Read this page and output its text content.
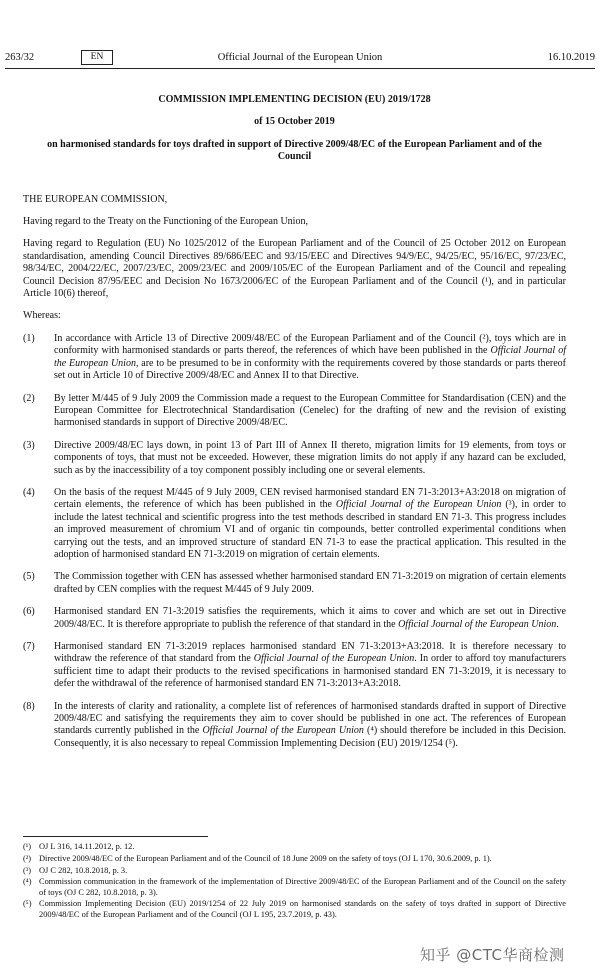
263/32	EN	Official Journal of the European Union	16.10.2019
COMMISSION IMPLEMENTING DECISION (EU) 2019/1728
of 15 October 2019
on harmonised standards for toys drafted in support of Directive 2009/48/EC of the European Parliament and of the Council
THE EUROPEAN COMMISSION,
Having regard to the Treaty on the Functioning of the European Union,
Having regard to Regulation (EU) No 1025/2012 of the European Parliament and of the Council of 25 October 2012 on European standardisation, amending Council Directives 89/686/EEC and 93/15/EEC and Directives 94/9/EC, 94/25/EC, 95/16/EC, 97/23/EC, 98/34/EC, 2004/22/EC, 2007/23/EC, 2009/23/EC and 2009/105/EC of the European Parliament and of the Council and repealing Council Decision 87/95/EEC and Decision No 1673/2006/EC of the European Parliament and of the Council (¹), and in particular Article 10(6) thereof,
Whereas:
(1)	In accordance with Article 13 of Directive 2009/48/EC of the European Parliament and of the Council (²), toys which are in conformity with harmonised standards or parts thereof, the references of which have been published in the Official Journal of the European Union, are to be presumed to be in conformity with the requirements covered by those standards or parts thereof set out in Article 10 of Directive 2009/48/EC and Annex II to that Directive.
(2)	By letter M/445 of 9 July 2009 the Commission made a request to the European Committee for Standardisation (CEN) and the European Committee for Electrotechnical Standardisation (Cenelec) for the drafting of new and the revision of existing harmonised standards in support of Directive 2009/48/EC.
(3)	Directive 2009/48/EC lays down, in point 13 of Part III of Annex II thereto, migration limits for 19 elements, from toys or components of toys, that must not be exceeded. However, these migration limits do not apply if any hazard can be excluded, such as by the inaccessibility of a toy component possibly including one or several elements.
(4)	On the basis of the request M/445 of 9 July 2009, CEN revised harmonised standard EN 71-3:2013+A3:2018 on migration of certain elements, the reference of which has been published in the Official Journal of the European Union (³), in order to include the latest technical and scientific progress into the test methods described in standard EN 71-3. This progress includes an improved measurement of chromium VI and of organic tin compounds, better controlled experimental conditions when carrying out the tests, and an improved structure of standard EN 71-3 to ease the practical application. This resulted in the adoption of harmonised standard EN 71-3:2019 on migration of certain elements.
(5)	The Commission together with CEN has assessed whether harmonised standard EN 71-3:2019 on migration of certain elements drafted by CEN complies with the request M/445 of 9 July 2009.
(6)	Harmonised standard EN 71-3:2019 satisfies the requirements, which it aims to cover and which are set out in Directive 2009/48/EC. It is therefore appropriate to publish the reference of that standard in the Official Journal of the European Union.
(7)	Harmonised standard EN 71-3:2019 replaces harmonised standard EN 71-3:2013+A3:2018. It is therefore necessary to withdraw the reference of that standard from the Official Journal of the European Union. In order to afford toy manufacturers sufficient time to adapt their products to the revised specifications in harmonised standard EN 71-3:2019, it is necessary to defer the withdrawal of the reference of harmonised standard EN 71-3:2013+A3:2018.
(8)	In the interests of clarity and rationality, a complete list of references of harmonised standards drafted in support of Directive 2009/48/EC and satisfying the requirements they aim to cover should be published in one act. The references of European standards currently published in the Official Journal of the European Union (⁴) should therefore be included in this Decision. Consequently, it is also necessary to repeal Commission Implementing Decision (EU) 2019/1254 (⁵).
(¹) OJ L 316, 14.11.2012, p. 12.
(²) Directive 2009/48/EC of the European Parliament and of the Council of 18 June 2009 on the safety of toys (OJ L 170, 30.6.2009, p. 1).
(³) OJ C 282, 10.8.2018, p. 3.
(⁴) Commission communication in the framework of the implementation of Directive 2009/48/EC of the European Parliament and of the Council on the safety of toys (OJ C 282, 10.8.2018, p. 3).
(⁵) Commission Implementing Decision (EU) 2019/1254 of 22 July 2019 on harmonised standards on the safety of toys drafted in support of Directive 2009/48/EC of the European Parliament and of the Council (OJ L 195, 23.7.2019, p. 43).
知乎 @CTC华商检测
